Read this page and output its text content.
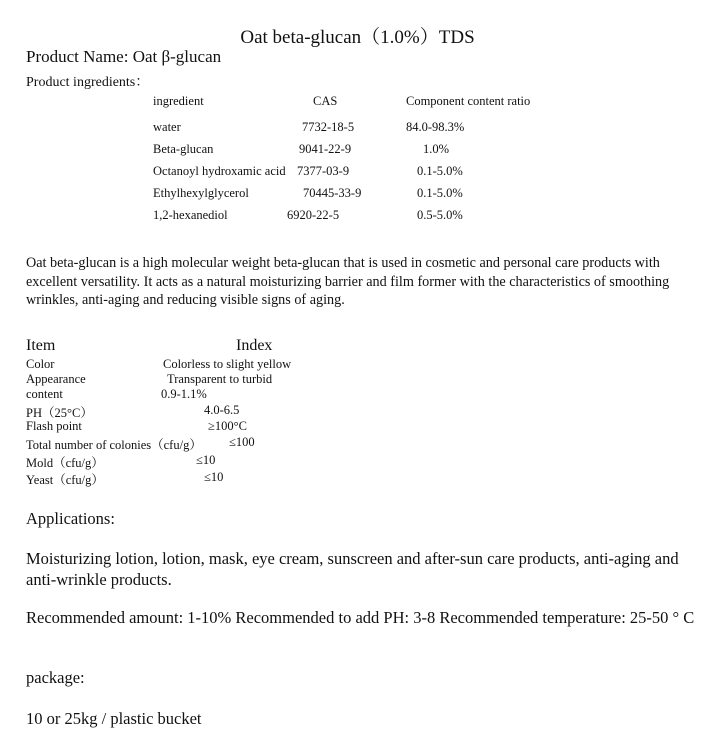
Oat beta-glucan（1.0%）TDS
Product Name: Oat β-glucan
Product ingredients：
ingredient	CAS	Component content ratio
water	7732-18-5	84.0-98.3%
Beta-glucan	9041-22-9	1.0%
Octanoyl hydroxamic acid 7377-03-9	0.1-5.0%
Ethylhexylglycerol	70445-33-9	0.1-5.0%
1,2-hexanediol	6920-22-5	0.5-5.0%
Oat beta-glucan is a high molecular weight beta-glucan that is used in cosmetic and personal care products with excellent versatility. It acts as a natural moisturizing barrier and film former with the characteristics of smoothing wrinkles, anti-aging and reducing visible signs of aging.
Item	Index
Color	Colorless to slight yellow
Appearance	Transparent to turbid
content	0.9-1.1%
PH（25°C）	4.0-6.5
Flash point	≥100°C
Total number of colonies（cfu/g） ≤100
Mold（cfu/g）	≤10
Yeast（cfu/g）	≤10
Applications:
Moisturizing lotion, lotion, mask, eye cream, sunscreen and after-sun care products, anti-aging and anti-wrinkle products.
Recommended amount: 1-10% Recommended to add PH: 3-8 Recommended temperature: 25-50 ° C
package:
10 or 25kg / plastic bucket
